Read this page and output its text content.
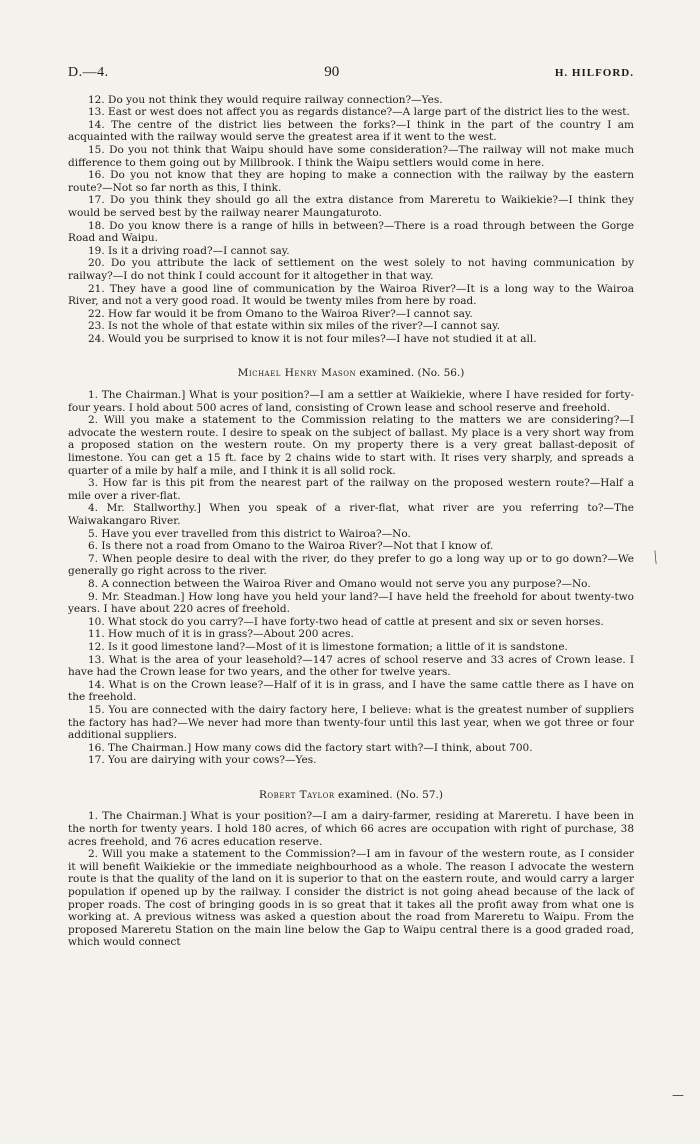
D.—4.	90	H. HILFORD.

12. Do you not think they would require railway connection?—Yes.

13. East or west does not affect you as regards distance?—A large part of the district lies to the west.

14. The centre of the district lies between the forks?—I think in the part of the country I am acquainted with the railway would serve the greatest area if it went to the west.

15. Do you not think that Waipu should have some consideration?—The railway will not make much difference to them going out by Millbrook. I think the Waipu settlers would come in here.

16. Do you not know that they are hoping to make a connection with the railway by the eastern route?—Not so far north as this, I think.

17. Do you think they should go all the extra distance from Mareretu to Waikiekie?—I think they would be served best by the railway nearer Maungaturoto.

18. Do you know there is a range of hills in between?—There is a road through between the Gorge Road and Waipu.

19. Is it a driving road?—I cannot say.

20. Do you attribute the lack of settlement on the west solely to not having communication by railway?—I do not think I could account for it altogether in that way.

21. They have a good line of communication by the Wairoa River?—It is a long way to the Wairoa River, and not a very good road. It would be twenty miles from here by road.

22. How far would it be from Omano to the Wairoa River?—I cannot say.

23. Is not the whole of that estate within six miles of the river?—I cannot say.

24. Would you be surprised to know it is not four miles?—I have not studied it at all.

Michael Henry Mason examined. (No. 56.)

1. The Chairman.] What is your position?—I am a settler at Waikiekie, where I have resided for forty-four years. I hold about 500 acres of land, consisting of Crown lease and school reserve and freehold.

2. Will you make a statement to the Commission relating to the matters we are considering?—I advocate the western route. I desire to speak on the subject of ballast. My place is a very short way from a proposed station on the western route. On my property there is a very great ballast-deposit of limestone. You can get a 15 ft. face by 2 chains wide to start with. It rises very sharply, and spreads a quarter of a mile by half a mile, and I think it is all solid rock.

3. How far is this pit from the nearest part of the railway on the proposed western route?—Half a mile over a river-flat.

4. Mr. Stallworthy.] When you speak of a river-flat, what river are you referring to?—The Waiwakangaro River.

5. Have you ever travelled from this district to Wairoa?—No.

6. Is there not a road from Omano to the Wairoa River?—Not that I know of.

7. When people desire to deal with the river, do they prefer to go a long way up or to go down?—We generally go right across to the river.

8. A connection between the Wairoa River and Omano would not serve you any purpose?—No.

9. Mr. Steadman.] How long have you held your land?—I have held the freehold for about twenty-two years. I have about 220 acres of freehold.

10. What stock do you carry?—I have forty-two head of cattle at present and six or seven horses.

11. How much of it is in grass?—About 200 acres.

12. Is it good limestone land?—Most of it is limestone formation; a little of it is sandstone.

13. What is the area of your leasehold?—147 acres of school reserve and 33 acres of Crown lease. I have had the Crown lease for two years, and the other for twelve years.

14. What is on the Crown lease?—Half of it is in grass, and I have the same cattle there as I have on the freehold.

15. You are connected with the dairy factory here, I believe: what is the greatest number of suppliers the factory has had?—We never had more than twenty-four until this last year, when we got three or four additional suppliers.

16. The Chairman.] How many cows did the factory start with?—I think, about 700.

17. You are dairying with your cows?—Yes.

Robert Taylor examined. (No. 57.)

1. The Chairman.] What is your position?—I am a dairy-farmer, residing at Mareretu. I have been in the north for twenty years. I hold 180 acres, of which 66 acres are occupation with right of purchase, 38 acres freehold, and 76 acres education reserve.

2. Will you make a statement to the Commission?—I am in favour of the western route, as I consider it will benefit Waikiekie or the immediate neighbourhood as a whole. The reason I advocate the western route is that the quality of the land on it is superior to that on the eastern route, and would carry a larger population if opened up by the railway. I consider the district is not going ahead because of the lack of proper roads. The cost of bringing goods in is so great that it takes all the profit away from what one is working at. A previous witness was asked a question about the road from Mareretu to Waipu. From the proposed Mareretu Station on the main line below the Gap to Waipu central there is a good graded road, which would connect

⟍
—
